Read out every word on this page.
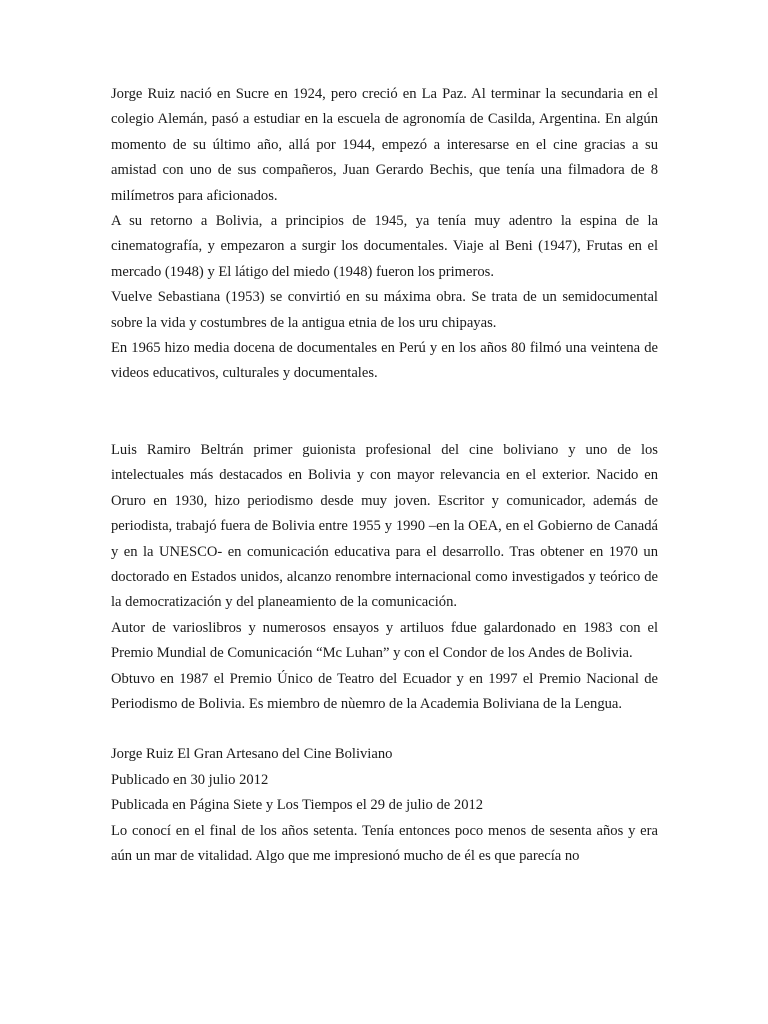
Jorge Ruiz nació en Sucre en 1924, pero creció en La Paz. Al terminar la secundaria en el colegio Alemán, pasó a estudiar en la escuela de agronomía de Casilda, Argentina. En algún momento de su último año, allá por 1944, empezó a interesarse en el cine gracias a su amistad con uno de sus compañeros, Juan Gerardo Bechis, que tenía una filmadora de 8 milímetros para aficionados.

A su retorno a Bolivia, a principios de 1945, ya tenía muy adentro la espina de la cinematografía, y empezaron a surgir los documentales. Viaje al Beni (1947), Frutas en el mercado (1948) y El látigo del miedo (1948) fueron los primeros.

Vuelve Sebastiana (1953) se convirtió en su máxima obra. Se trata de un semidocumental sobre la vida y costumbres de la antigua etnia de los uru chipayas.

En 1965 hizo media docena de documentales en Perú y en los años 80 filmó una veintena de videos educativos, culturales y documentales.

Luis Ramiro Beltrán primer guionista profesional del cine boliviano y uno de los intelectuales más destacados en Bolivia y con mayor relevancia en el exterior. Nacido en Oruro en 1930, hizo periodismo desde muy joven. Escritor y comunicador, además de periodista, trabajó fuera de Bolivia entre 1955 y 1990 –en la OEA, en el Gobierno de Canadá y en la UNESCO- en comunicación educativa para el desarrollo. Tras obtener en 1970 un doctorado en Estados unidos, alcanzo renombre internacional como investigados y teórico de la democratización y del planeamiento de la comunicación.

Autor de varioslibros y numerosos ensayos y artiluos fdue galardonado en 1983 con el Premio Mundial de Comunicación “Mc Luhan” y con el Condor de los Andes de Bolivia.

Obtuvo en 1987 el Premio Único de Teatro del Ecuador y en 1997 el Premio Nacional de Periodismo de Bolivia. Es miembro de nùemro de la Academia Boliviana de la Lengua.

Jorge Ruiz El Gran Artesano del Cine Boliviano

Publicado en 30 julio 2012

Publicada en Página Siete y Los Tiempos el 29 de julio de 2012

Lo conocí en el final de los años setenta. Tenía entonces poco menos de sesenta años y era aún un mar de vitalidad. Algo que me impresionó mucho de él es que parecía no
